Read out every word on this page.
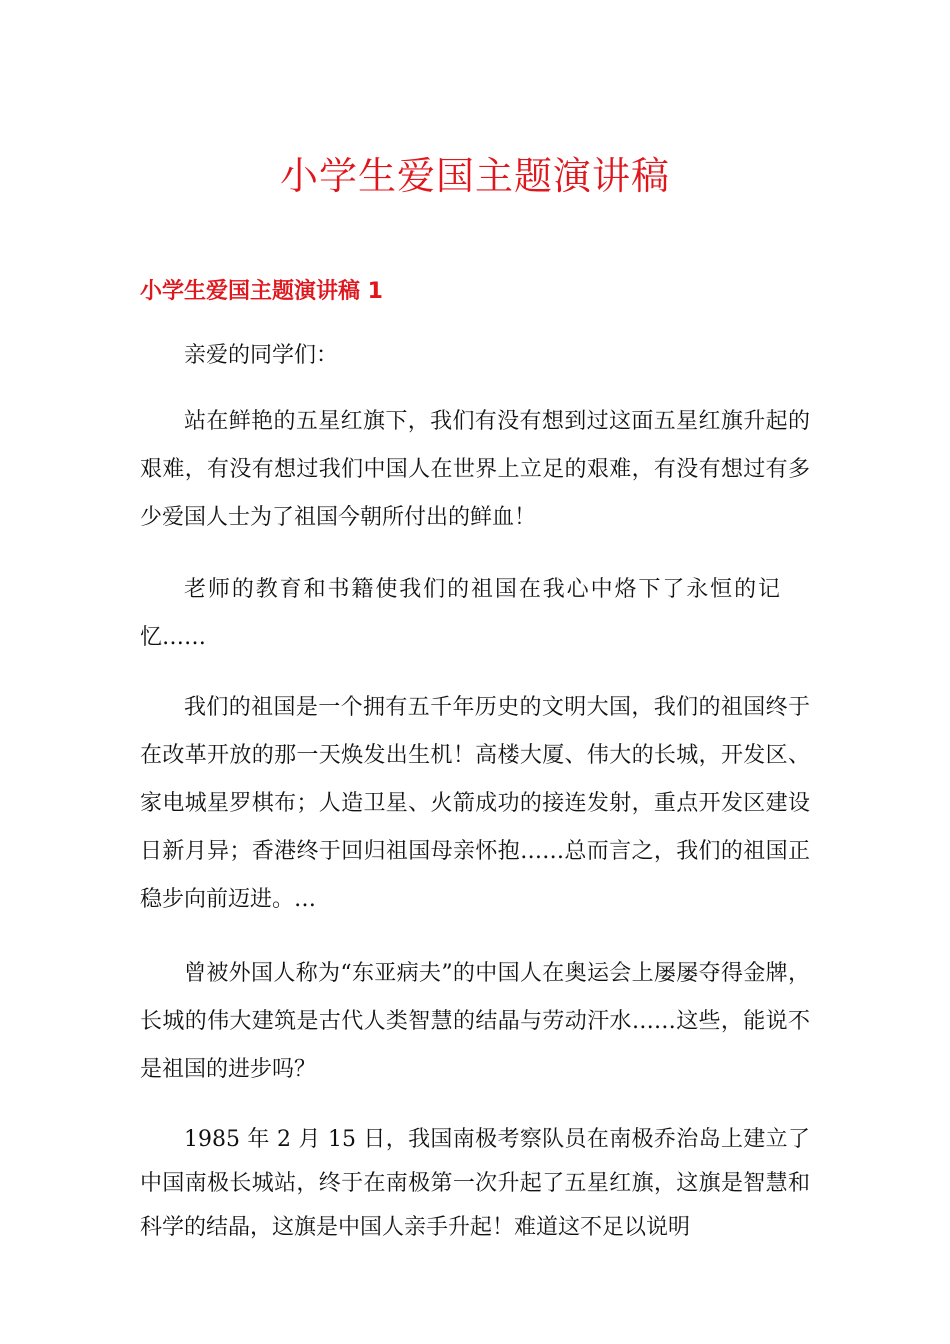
小学生爱国主题演讲稿
小学生爱国主题演讲稿 1

亲爱的同学们：

站在鲜艳的五星红旗下，我们有没有想到过这面五星红旗升起的艰难，有没有想过我们中国人在世界上立足的艰难，有没有想过有多少爱国人士为了祖国今朝所付出的鲜血！

老师的教育和书籍使我们的祖国在我心中烙下了永恒的记忆……

我们的祖国是一个拥有五千年历史的文明大国，我们的祖国终于在改革开放的那一天焕发出生机！高楼大厦、伟大的长城，开发区、家电城星罗棋布；人造卫星、火箭成功的接连发射，重点开发区建设日新月异；香港终于回归祖国母亲怀抱……总而言之，我们的祖国正稳步向前迈进。…

曾被外国人称为“东亚病夫”的中国人在奥运会上屡屡夺得金牌，长城的伟大建筑是古代人类智慧的结晶与劳动汗水……这些，能说不是祖国的进步吗？

1985 年 2 月 15 日，我国南极考察队员在南极乔治岛上建立了中国南极长城站，终于在南极第一次升起了五星红旗，这旗是智慧和科学的结晶，这旗是中国人亲手升起！难道这不足以说明
